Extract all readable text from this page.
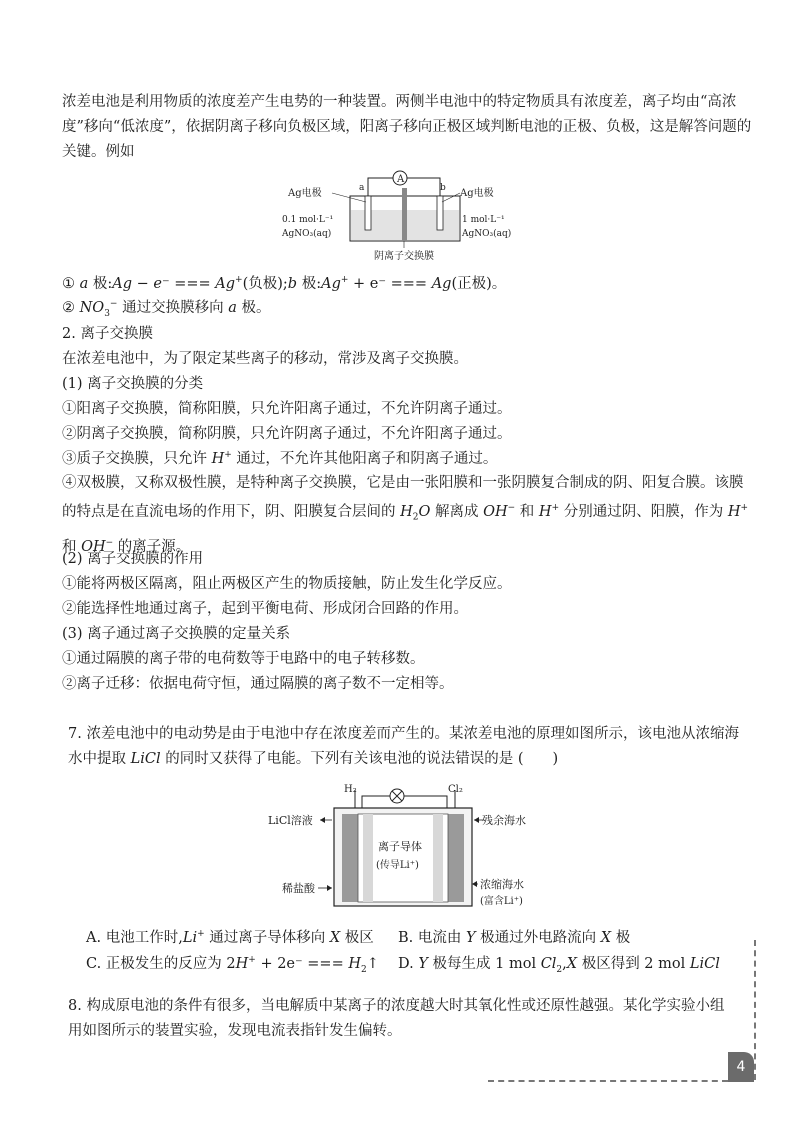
浓差电池是利用物质的浓度差产生电势的一种装置。两侧半电池中的特定物质具有浓度差，离子均由“高浓度”移向“低浓度”，依据阴离子移向负极区域，阳离子移向正极区域判断电池的正极、负极，这是解答问题的关键。例如
A
a	b
Ag电极	Ag电极
0.1 mol·L⁻¹
AgNO₃(aq)
1 mol·L⁻¹
AgNO₃(aq)
阴离子交换膜
① a 极:Ag − e⁻ === Ag+(负极);b 极:Ag+ + e⁻ === Ag(正极)。
② $NO_3^-$ 通过交换膜移向 a 极。
2. 离子交换膜
在浓差电池中，为了限定某些离子的移动，常涉及离子交换膜。
(1) 离子交换膜的分类
①阳离子交换膜，简称阳膜，只允许阳离子通过，不允许阴离子通过。
②阴离子交换膜，简称阴膜，只允许阴离子通过，不允许阳离子通过。
③质子交换膜，只允许 H+ 通过，不允许其他阳离子和阴离子通过。
④双极膜，又称双极性膜，是特种离子交换膜，它是由一张阳膜和一张阴膜复合制成的阴、阳复合膜。该膜的特点是在直流电场的作用下，阴、阳膜复合层间的 $H_2O$ 解离成 OH− 和 H+ 分别通过阴、阳膜，作为 H+ 和 OH− 的离子源。
(2) 离子交换膜的作用
①能将两极区隔离，阻止两极区产生的物质接触，防止发生化学反应。
②能选择性地通过离子，起到平衡电荷、形成闭合回路的作用。
(3) 离子通过离子交换膜的定量关系
①通过隔膜的离子带的电荷数等于电路中的电子转移数。
②离子迁移：依据电荷守恒，通过隔膜的离子数不一定相等。
7. 浓差电池中的电动势是由于电池中存在浓度差而产生的。某浓差电池的原理如图所示，该电池从浓缩海水中提取 LiCl 的同时又获得了电能。下列有关该电池的说法错误的是 (　　)
H₂	Cl₂
离子导体
(传导Li⁺)
LiCl溶液	残余海水
稀盐酸	浓缩海水
(富含Li⁺)
A. 电池工作时,Li+ 通过离子导体移向 X 极区 B. 电流由 Y 极通过外电路流向 X 极
C. 正极发生的反应为 2H+ + 2e⁻ === $H_2↑$ D. Y 极每生成 1 mol $Cl_2,X$ 极区得到 2 mol LiCl
8. 构成原电池的条件有很多，当电解质中某离子的浓度越大时其氧化性或还原性越强。某化学实验小组用如图所示的装置实验，发现电流表指针发生偏转。
4
